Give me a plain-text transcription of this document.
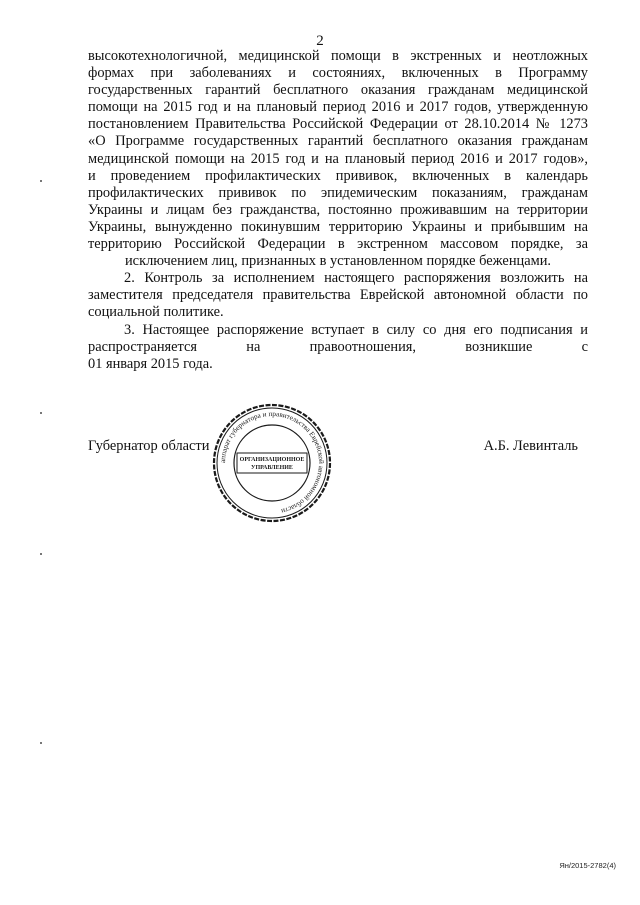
2

высокотехнологичной, медицинской помощи в экстренных и неотложных
формах при заболеваниях и состояниях, включенных в Программу
государственных гарантий бесплатного оказания гражданам медицинской
помощи на 2015 год и на плановый период 2016 и 2017 годов, утвержденную
постановлением Правительства Российской Федерации от 28.10.2014 № 1273
«О Программе государственных гарантий бесплатного оказания гражданам
медицинской помощи на 2015 год и на плановый период 2016 и 2017 годов»,
и проведением профилактических прививок, включенных в календарь
профилактических прививок по эпидемическим показаниям, гражданам
Украины и лицам без гражданства, постоянно проживавшим на территории
Украины, вынужденно покинувшим территорию Украины и прибывшим на
территорию Российской Федерации в экстренном массовом порядке, за
исключением лиц, признанных в установленном порядке беженцами.

2. Контроль за исполнением настоящего распоряжения возложить на
заместителя председателя правительства Еврейской автономной области по
социальной политике.

3. Настоящее распоряжение вступает в силу со дня его подписания и
распространяется на правоотношения, возникшие с
01 января 2015 года.

Губернатор области	А.Б. Левинталь
аппарат губернатора и правительства Еврейской автономной области
ОРГАНИЗАЦИОННОЕ
УПРАВЛЕНИЕ
Ян/2015-2782(4)
